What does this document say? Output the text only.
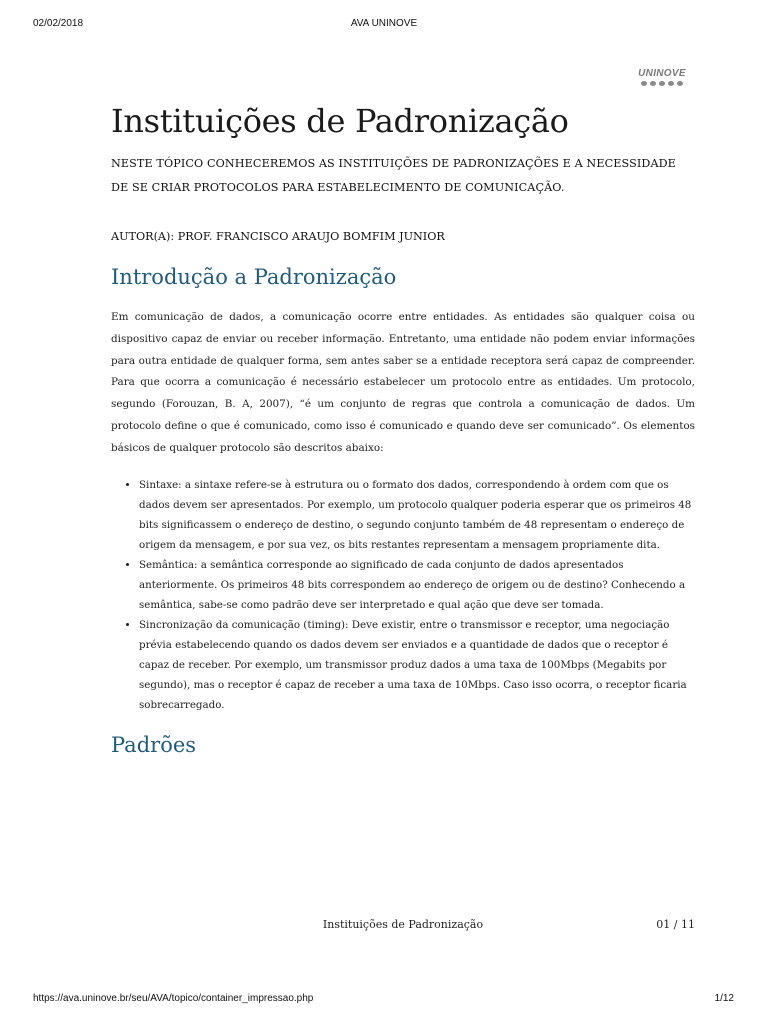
02/02/2018	AVA UNINOVE
UNINOVE
Instituições de Padronização
NESTE TÓPICO CONHECEREMOS AS INSTITUIÇÕES DE PADRONIZAÇÕES E A NECESSIDADE DE SE CRIAR PROTOCOLOS PARA ESTABELECIMENTO DE COMUNICAÇÃO.
AUTOR(A): PROF. FRANCISCO ARAUJO BOMFIM JUNIOR
Introdução a Padronização

Em comunicação de dados, a comunicação ocorre entre entidades. As entidades são qualquer coisa ou dispositivo capaz de enviar ou receber informação. Entretanto, uma entidade não podem enviar informações para outra entidade de qualquer forma, sem antes saber se a entidade receptora será capaz de compreender. Para que ocorra a comunicação é necessário estabelecer um protocolo entre as entidades. Um protocolo, segundo (Forouzan, B. A, 2007), “é um conjunto de regras que controla a comunicação de dados. Um protocolo define o que é comunicado, como isso é comunicado e quando deve ser comunicado”. Os elementos básicos de qualquer protocolo são descritos abaixo:

• Sintaxe: a sintaxe refere-se à estrutura ou o formato dos dados, correspondendo à ordem com que os dados devem ser apresentados. Por exemplo, um protocolo qualquer poderia esperar que os primeiros 48 bits significassem o endereço de destino, o segundo conjunto também de 48 representam o endereço de origem da mensagem, e por sua vez, os bits restantes representam a mensagem propriamente dita.
• Semântica: a semântica corresponde ao significado de cada conjunto de dados apresentados anteriormente. Os primeiros 48 bits correspondem ao endereço de origem ou de destino? Conhecendo a semântica, sabe-se como padrão deve ser interpretado e qual ação que deve ser tomada.
• Sincronização da comunicação (timing): Deve existir, entre o transmissor e receptor, uma negociação prévia estabelecendo quando os dados devem ser enviados e a quantidade de dados que o receptor é capaz de receber. Por exemplo, um transmissor produz dados a uma taxa de 100Mbps (Megabits por segundo), mas o receptor é capaz de receber a uma taxa de 10Mbps. Caso isso ocorra, o receptor ficaria sobrecarregado.
Padrões
Instituições de Padronização	01 / 11
https://ava.uninove.br/seu/AVA/topico/container_impressao.php	1/12
